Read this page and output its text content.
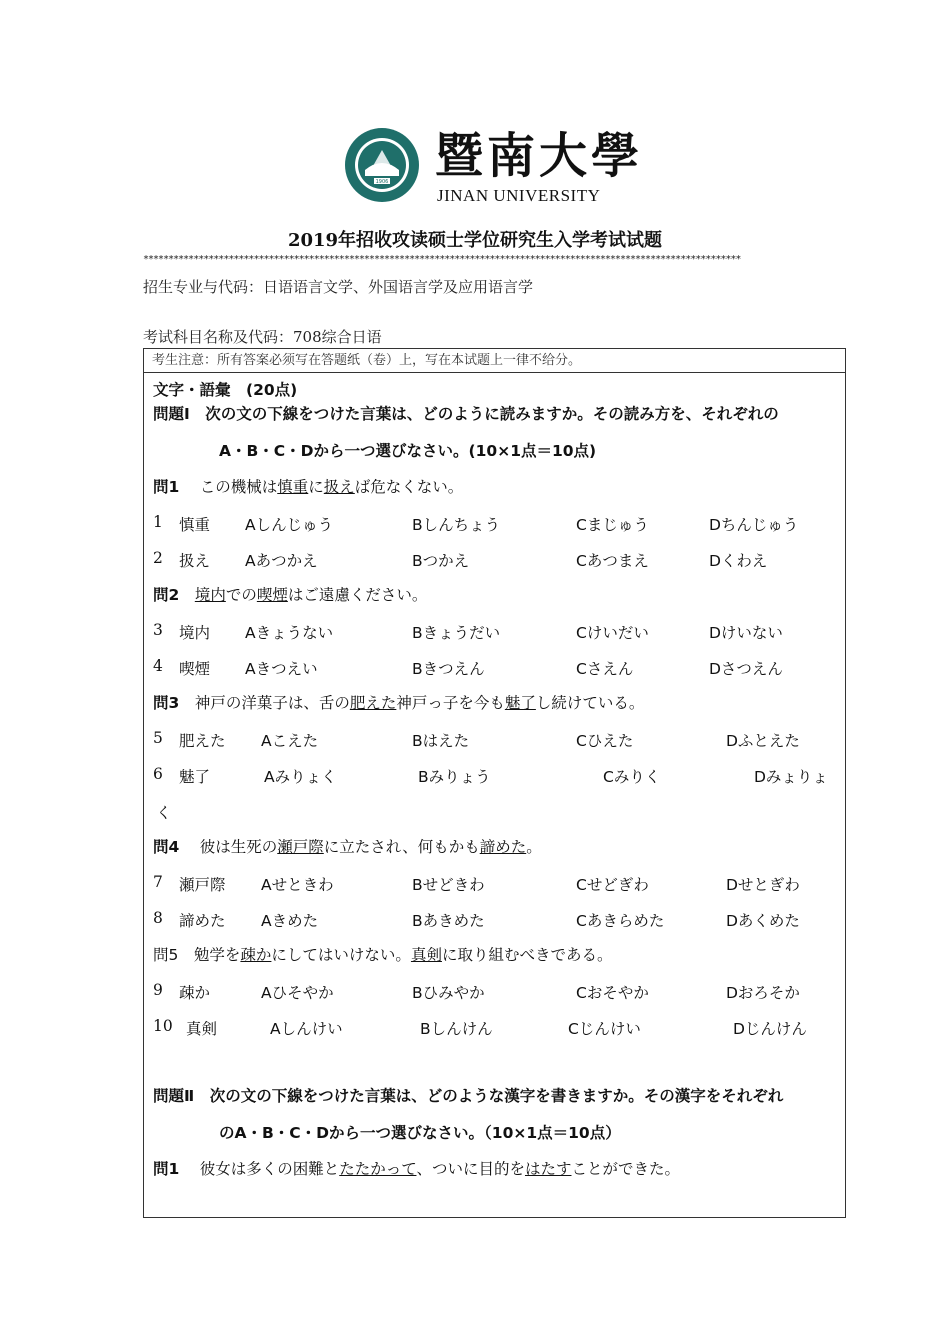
1906 暨南大學
JINAN UNIVERSITY
2019年招收攻读硕士学位研究生入学考试试题
***********************************************************************************************************************
招生专业与代码：日语语言文学、外国语言学及应用语言学
考试科目名称及代码：708综合日语
考生注意：所有答案必须写在答题纸（卷）上，写在本试题上一律不给分。
文字・語彙　(20点)
問題Ⅰ　次の文の下線をつけた言葉は、どのように読みますか。その読み方を、それぞれの
A・B・C・Dから一つ選びなさい。(10×1点＝10点)
問1　 この機械は慎重に扱えば危なくない。
1 慎重 Aしんじゅう	Bしんちょう	Cまじゅう	Dちんじゅう
2 扱え Aあつかえ	Bつかえ	Cあつまえ	Dくわえ
問2　 境内での喫煙はご遠慮ください。
3 境内 Aきょうない	Bきょうだい	Cけいだい	Dけいない
4 喫煙 Aきつえい	Bきつえん	Cさえん	Dさつえん
問3　 神戸の洋菓子は、舌の肥えた神戸っ子を今も魅了し続けている。
5 肥えた Aこえた	Bはえた	Cひえた	Dふとえた
6 魅了	Aみりょく	Bみりょう	Cみりく	Dみょりょ
く
問4　 彼は生死の瀬戸際に立たされ、何もかも諦めた。
7 瀬戸際 Aせときわ	Bせどきわ	Cせどぎわ	Dせとぎわ
8 諦めた Aきめた	Bあきめた	Cあきらめた	Dあくめた
問5　 勉学を疎かにしてはいけない。真剣に取り組むべきである。
9 疎か	Aひそやか	Bひみやか	Cおそやか	Dおろそか
10 真剣	Aしんけい	Bしんけん	Cじんけい	Dじんけん
問題Ⅱ　次の文の下線をつけた言葉は、どのような漢字を書きますか。その漢字をそれぞれ
のA・B・C・Dから一つ選びなさい。（10×1点＝10点）
問1　 彼女は多くの困難とたたかって、ついに目的をはたすことができた。
